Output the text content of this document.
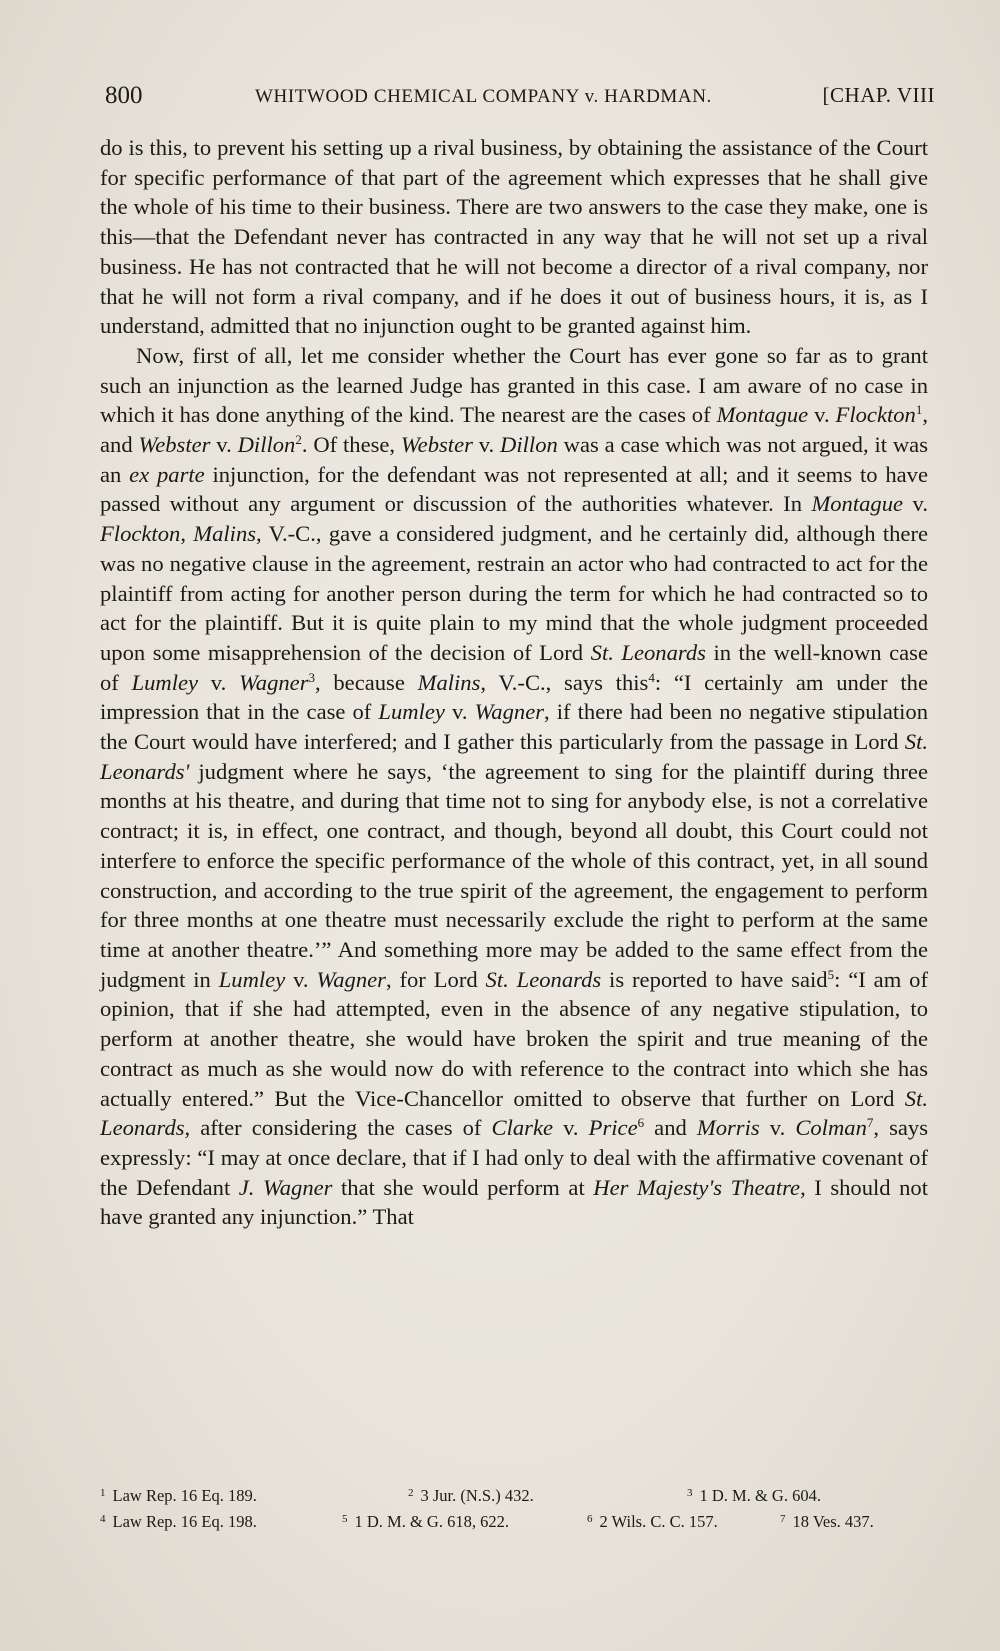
800	WHITWOOD CHEMICAL COMPANY v. HARDMAN.	[CHAP. VIII

do is this, to prevent his setting up a rival business, by obtaining the assistance of the Court for specific performance of that part of the agreement which expresses that he shall give the whole of his time to their business. There are two answers to the case they make, one is this—that the Defendant never has contracted in any way that he will not set up a rival business. He has not contracted that he will not become a director of a rival company, nor that he will not form a rival company, and if he does it out of business hours, it is, as I understand, admitted that no injunction ought to be granted against him.

Now, first of all, let me consider whether the Court has ever gone so far as to grant such an injunction as the learned Judge has granted in this case. I am aware of no case in which it has done anything of the kind. The nearest are the cases of Montague v. Flockton$^1$, and Webster v. Dillon$^2$. Of these, Webster v. Dillon was a case which was not argued, it was an ex parte injunction, for the defendant was not represented at all; and it seems to have passed without any argument or discussion of the authorities whatever. In Montague v. Flockton, Malins, V.-C., gave a considered judgment, and he certainly did, although there was no negative clause in the agreement, restrain an actor who had contracted to act for the plaintiff from acting for another person during the term for which he had contracted so to act for the plaintiff. But it is quite plain to my mind that the whole judgment proceeded upon some misapprehension of the decision of Lord St. Leonards in the well-known case of Lumley v. Wagner$^3$, because Malins, V.-C., says this$^4$: “I certainly am under the impression that in the case of Lumley v. Wagner, if there had been no negative stipulation the Court would have interfered; and I gather this particularly from the passage in Lord St. Leonards' judgment where he says, ‘the agreement to sing for the plaintiff during three months at his theatre, and during that time not to sing for anybody else, is not a correlative contract; it is, in effect, one contract, and though, beyond all doubt, this Court could not interfere to enforce the specific performance of the whole of this contract, yet, in all sound construction, and according to the true spirit of the agreement, the engagement to perform for three months at one theatre must necessarily exclude the right to perform at the same time at another theatre.’” And something more may be added to the same effect from the judgment in Lumley v. Wagner, for Lord St. Leonards is reported to have said$^5$: “I am of opinion, that if she had attempted, even in the absence of any negative stipulation, to perform at another theatre, she would have broken the spirit and true meaning of the contract as much as she would now do with reference to the contract into which she has actually entered.” But the Vice-Chancellor omitted to observe that further on Lord St. Leonards, after considering the cases of Clarke v. Price$^6$ and Morris v. Colman$^7$, says expressly: “I may at once declare, that if I had only to deal with the affirmative covenant of the Defendant J. Wagner that she would perform at Her Majesty's Theatre, I should not have granted any injunction.” That

$^1$ Law Rep. 16 Eq. 189.	$^2$ 3 Jur. (N.S.) 432.	$^3$ 1 D. M. & G. 604.
$^4$ Law Rep. 16 Eq. 198.	$^5$ 1 D. M. & G. 618, 622.	$^6$ 2 Wils. C. C. 157.	$^7$ 18 Ves. 437.
